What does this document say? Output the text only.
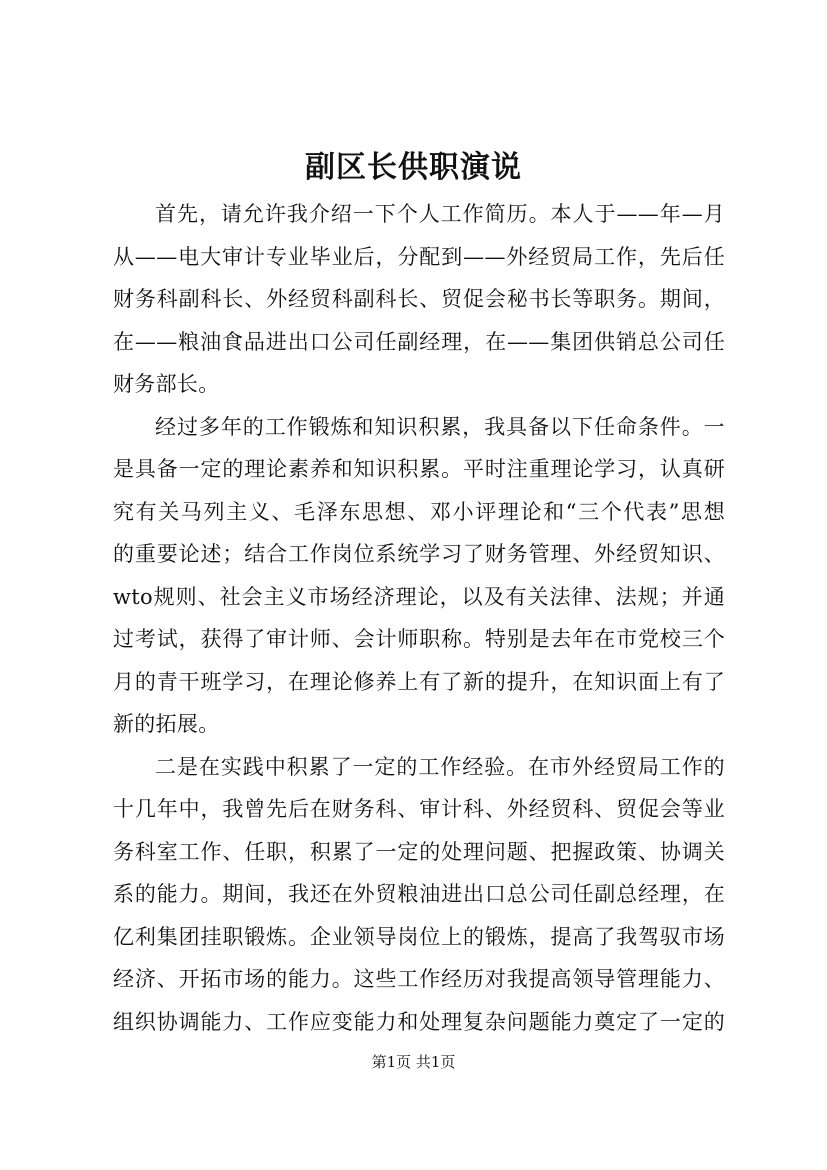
副区长供职演说
首先，请允许我介绍一下个人工作简历。本人于——年—月
从——电大审计专业毕业后，分配到——外经贸局工作，先后任
财务科副科长、外经贸科副科长、贸促会秘书长等职务。期间，
在——粮油食品进出口公司任副经理，在——集团供销总公司任
财务部长。
经过多年的工作锻炼和知识积累，我具备以下任命条件。一
是具备一定的理论素养和知识积累。平时注重理论学习，认真研
究有关马列主义、毛泽东思想、邓小评理论和“三个代表”思想
的重要论述；结合工作岗位系统学习了财务管理、外经贸知识、
wto规则、社会主义市场经济理论，以及有关法律、法规；并通
过考试，获得了审计师、会计师职称。特别是去年在市党校三个
月的青干班学习，在理论修养上有了新的提升，在知识面上有了
新的拓展。
二是在实践中积累了一定的工作经验。在市外经贸局工作的
十几年中，我曾先后在财务科、审计科、外经贸科、贸促会等业
务科室工作、任职，积累了一定的处理问题、把握政策、协调关
系的能力。期间，我还在外贸粮油进出口总公司任副总经理，在
亿利集团挂职锻炼。企业领导岗位上的锻炼，提高了我驾驭市场
经济、开拓市场的能力。这些工作经历对我提高领导管理能力、
组织协调能力、工作应变能力和处理复杂问题能力奠定了一定的

第1页 共1页
